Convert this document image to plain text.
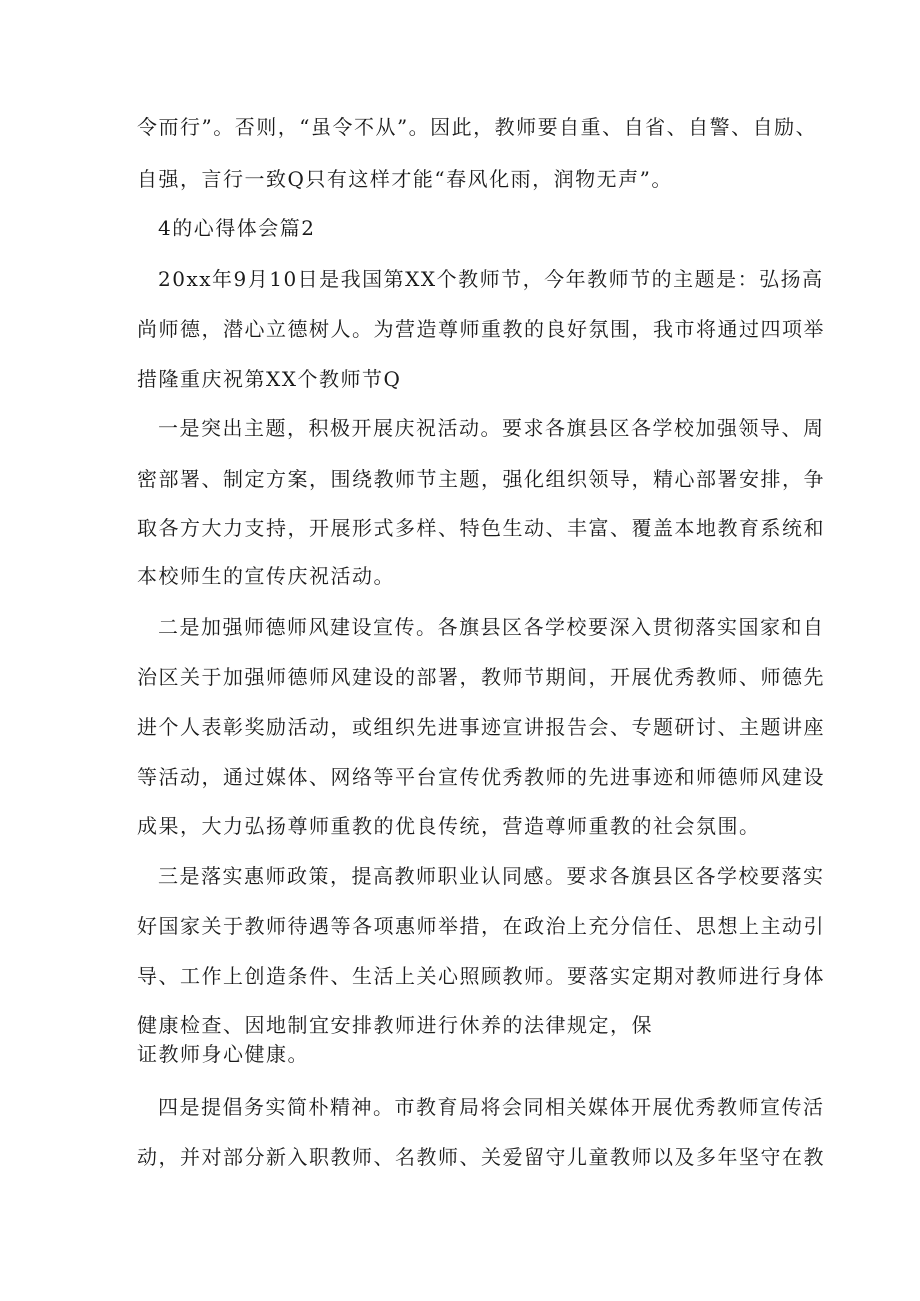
令而行”。否则，“虽令不从”。因此，教师要自重、自省、自警、自励、
自强，言行一致Q只有这样才能“春风化雨，润物无声”。
4的心得体会篇2
20xx年9月10日是我国第XX个教师节，今年教师节的主题是：弘扬高
尚师德，潜心立德树人。为营造尊师重教的良好氛围，我市将通过四项举
措隆重庆祝第XX个教师节Q
一是突出主题，积极开展庆祝活动。要求各旗县区各学校加强领导、周
密部署、制定方案，围绕教师节主题，强化组织领导，精心部署安排，争
取各方大力支持，开展形式多样、特色生动、丰富、覆盖本地教育系统和
本校师生的宣传庆祝活动。
二是加强师德师风建设宣传。各旗县区各学校要深入贯彻落实国家和自
治区关于加强师德师风建设的部署，教师节期间，开展优秀教师、师德先
进个人表彰奖励活动，或组织先进事迹宣讲报告会、专题研讨、主题讲座
等活动，通过媒体、网络等平台宣传优秀教师的先进事迹和师德师风建设
成果，大力弘扬尊师重教的优良传统，营造尊师重教的社会氛围。
三是落实惠师政策，提高教师职业认同感。要求各旗县区各学校要落实
好国家关于教师待遇等各项惠师举措，在政治上充分信任、思想上主动引
导、工作上创造条件、生活上关心照顾教师。要落实定期对教师进行身体
健康检查、因地制宜安排教师进行休养的法律规定，保
证教师身心健康。
四是提倡务实简朴精神。市教育局将会同相关媒体开展优秀教师宣传活
动，并对部分新入职教师、名教师、关爱留守儿童教师以及多年坚守在教
